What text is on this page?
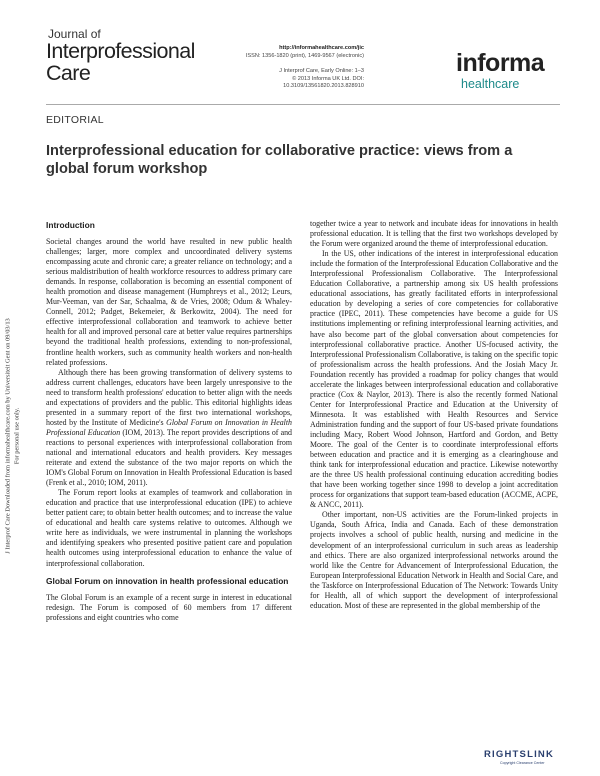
Journal of
Interprofessional
Care
http://informahealthcare.com/jic
ISSN: 1356-1820 (print), 1469-9567 (electronic)
J Interprof Care, Early Online: 1–3
© 2013 Informa UK Ltd. DOI: 10.3109/13561820.2013.828910
informa
healthcare
EDITORIAL
Interprofessional education for collaborative practice: views from a global forum workshop
J Interprof Care Downloaded from informahealthcare.com by Universiteit Gent on 09/03/13 For personal use only.
Introduction

Societal changes around the world have resulted in new public health challenges; larger, more complex and uncoordinated delivery systems encompassing acute and chronic care; a greater reliance on technology; and a serious maldistribution of health workforce resources to address primary care demands. In response, collaboration is becoming an essential component of health promotion and disease management (Humphreys et al., 2012; Leurs, Mur-Veeman, van der Sar, Schaalma, & de Vries, 2008; Odum & Whaley-Connell, 2012; Padget, Bekemeier, & Berkowitz, 2004). The need for effective interprofessional collaboration and teamwork to achieve better health for all and improved personal care at better value requires partnerships beyond the traditional health professions, extending to non-professional, frontline health workers, such as community health workers and non-health related professions.

Although there has been growing transformation of delivery systems to address current challenges, educators have been largely unresponsive to the need to transform health professions' education to better align with the needs and expectations of providers and the public. This editorial highlights ideas presented in a summary report of the first two international workshops, hosted by the Institute of Medicine's Global Forum on Innovation in Health Professional Education (IOM, 2013). The report provides descriptions of and reactions to personal experiences with interprofessional collaboration from national and international educators and health providers. Key messages reiterate and extend the substance of the two major reports on which the IOM's Global Forum on Innovation in Health Professional Education is based (Frenk et al., 2010; IOM, 2011).

The Forum report looks at examples of teamwork and collaboration in education and practice that use interprofessional education (IPE) to achieve better patient care; to obtain better health outcomes; and to increase the value of educational and health care systems relative to outcomes. Although we write here as individuals, we were instrumental in planning the workshops and identifying speakers who presented positive patient care and population health outcomes using interprofessional education to enhance the value of interprofessional collaboration.

Global Forum on innovation in health professional education

The Global Forum is an example of a recent surge in interest in educational redesign. The Forum is composed of 60 members from 17 different professions and eight countries who come

together twice a year to network and incubate ideas for innovations in health professional education. It is telling that the first two workshops developed by the Forum were organized around the theme of interprofessional education.

In the US, other indications of the interest in interprofessional education include the formation of the Interprofessional Education Collaborative and the Interprofessional Professionalism Collaborative. The Interprofessional Education Collaborative, a partnership among six US health professions educational associations, has greatly facilitated efforts in interprofessional education by developing a series of core competencies for collaborative practice (IPEC, 2011). These competencies have become a guide for US institutions implementing or refining interprofessional learning activities, and have also become part of the global conversation about competencies for interprofessional collaborative practice. Another US-focused activity, the Interprofessional Professionalism Collaborative, is taking on the specific topic of professionalism across the health professions. And the Josiah Macy Jr. Foundation recently has provided a roadmap for policy changes that would accelerate the linkages between interprofessional education and collaborative practice (Cox & Naylor, 2013). There is also the recently formed National Center for Interprofessional Practice and Education at the University of Minnesota. It was established with Health Resources and Service Administration funding and the support of four US-based private foundations including Macy, Robert Wood Johnson, Hartford and Gordon, and Betty Moore. The goal of the Center is to coordinate interprofessional efforts between education and practice and it is emerging as a clearinghouse and think tank for interprofessional education and practice. Likewise noteworthy are the three US health professional continuing education accrediting bodies that have been working together since 1998 to develop a joint accreditation process for organizations that support team-based education (ACCME, ACPE, & ANCC, 2011).

Other important, non-US activities are the Forum-linked projects in Uganda, South Africa, India and Canada. Each of these demonstration projects involves a school of public health, nursing and medicine in the development of an interprofessional curriculum in such areas as leadership and ethics. There are also organized interprofessional networks around the world like the Centre for Advancement of Interprofessional Education, the European Interprofessional Education Network in Health and Social Care, and the Taskforce on Interprofessional Education of The Network: Towards Unity for Health, all of which support the development of interprofessional education. Most of these are represented in the global membership of the

RIGHTSLINK
Copyright Clearance Center
